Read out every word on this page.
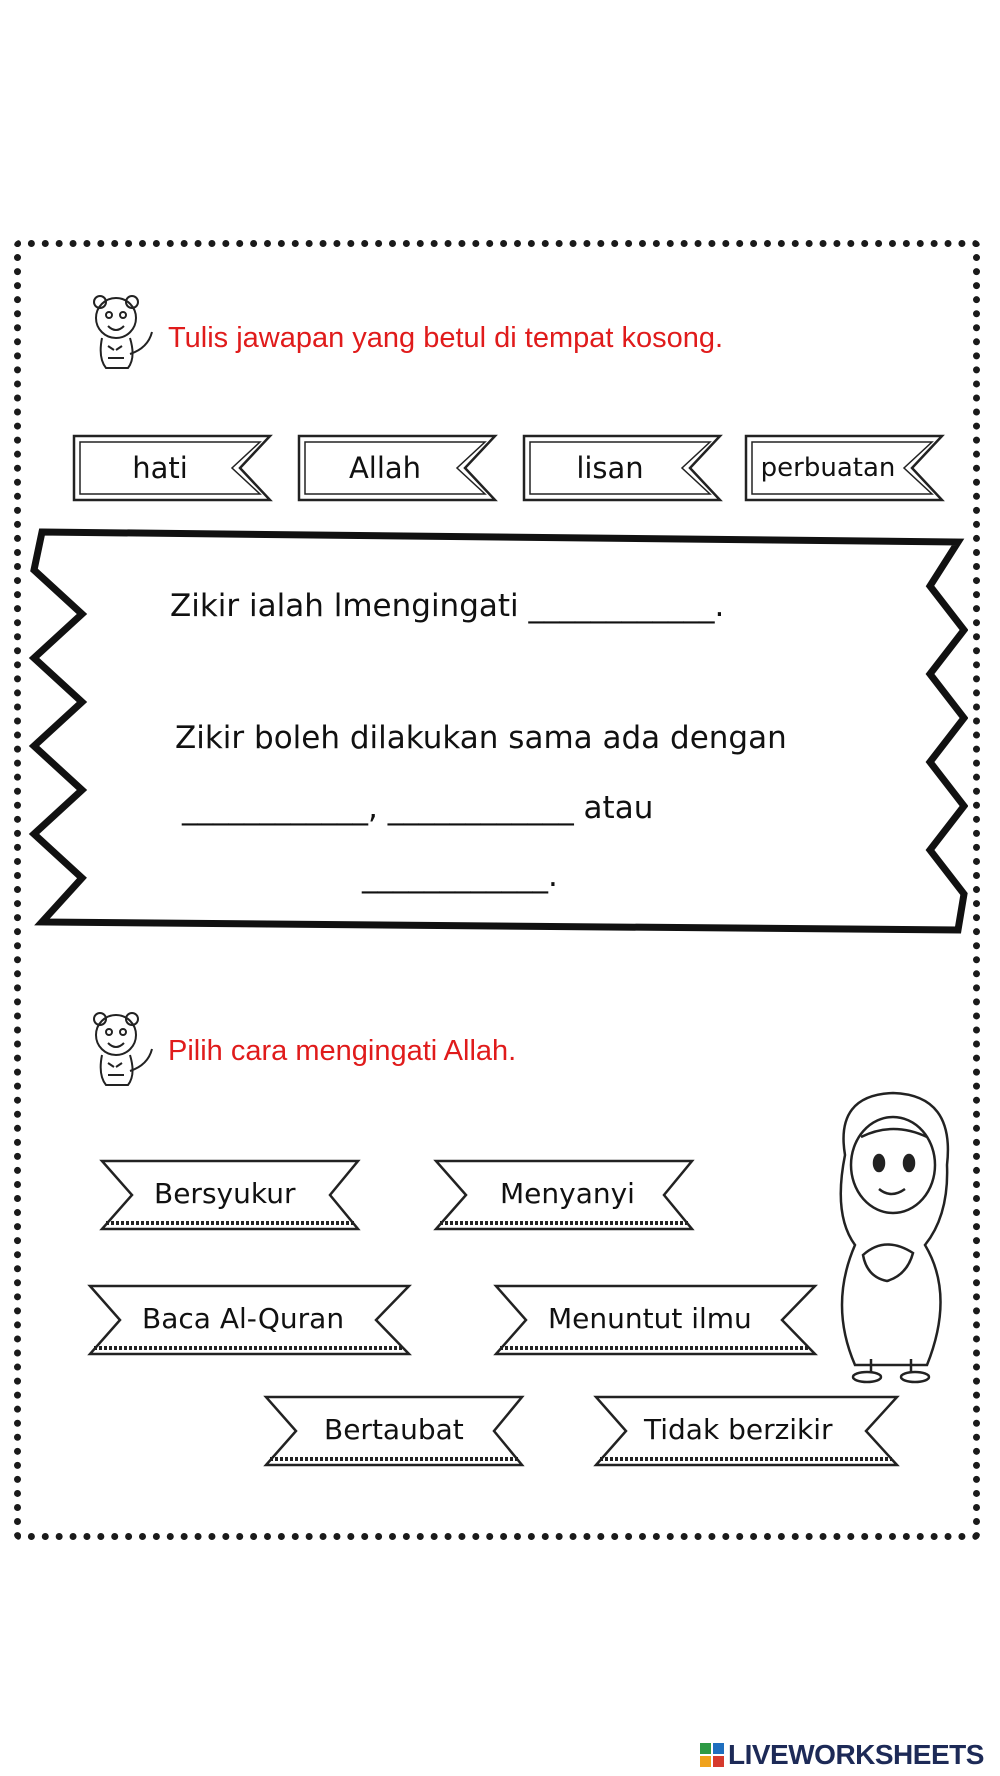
Tulis jawapan yang betul di tempat kosong.
hati	Allah	lisan	perbuatan
Zikir ialah lmengingati ____________.
Zikir boleh dilakukan sama ada dengan
____________, ____________ atau
____________.
Pilih cara mengingati Allah.
Bersyukur	Menyanyi
Baca Al-Quran	Menuntut ilmu
Bertaubat	Tidak berzikir
LIVEWORKSHEETS
